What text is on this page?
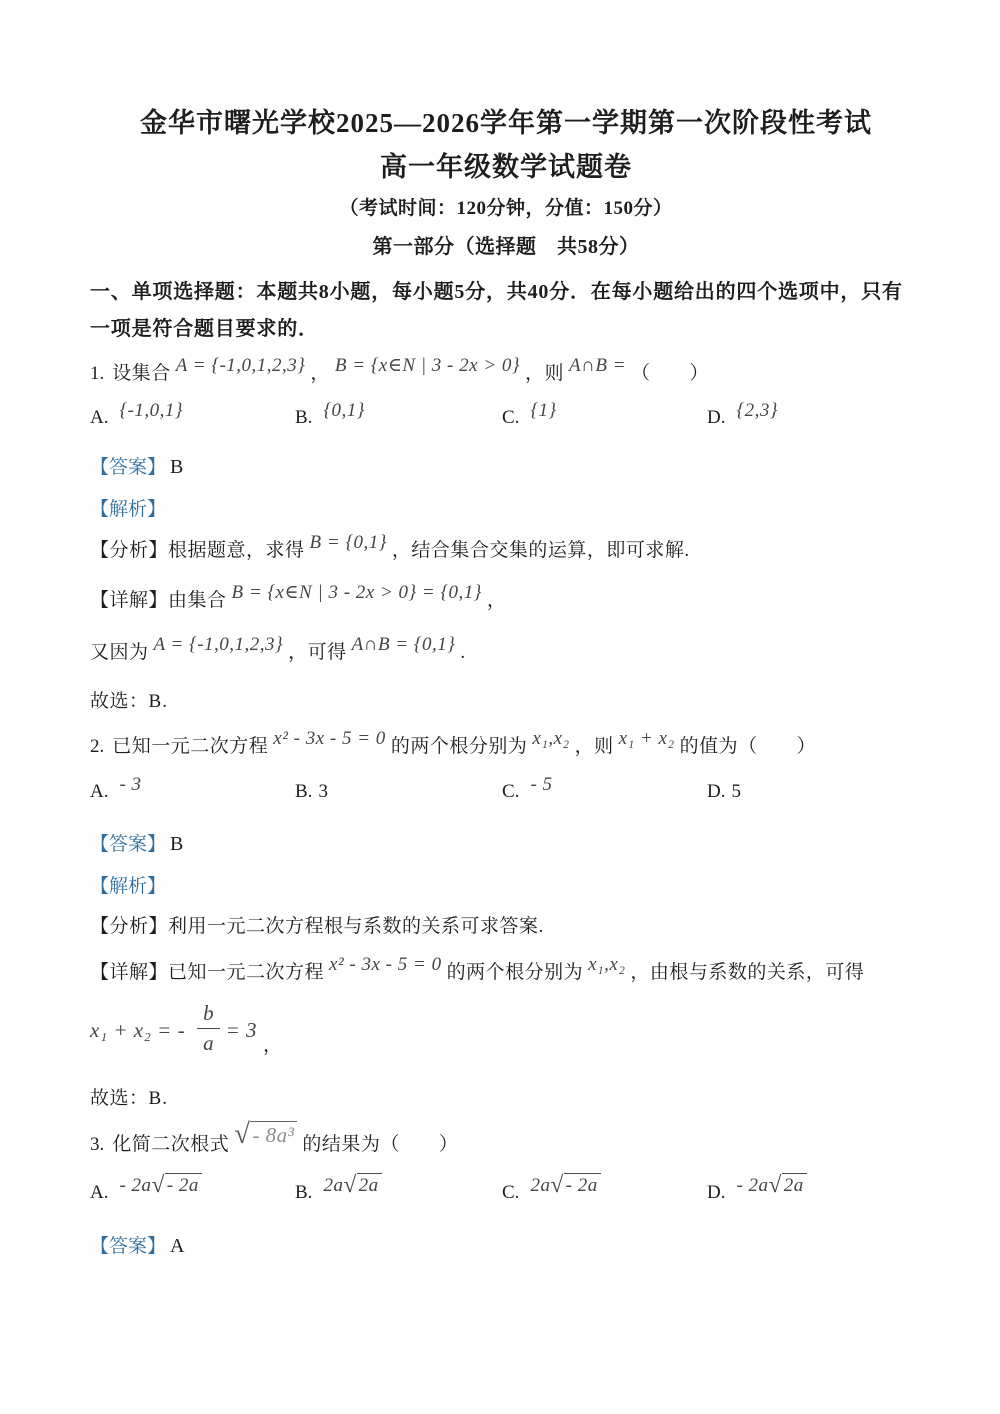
金华市曙光学校2025—2026学年第一学期第一次阶段性考试
高一年级数学试题卷
（考试时间：120分钟，分值：150分）
第一部分（选择题　共58分）
一、单项选择题：本题共8小题，每小题5分，共40分．在每小题给出的四个选项中，只有
一项是符合题目要求的．
1. 设集合 A = {-1,0,1,2,3} ， B = {x∈N | 3 - 2x > 0} ，则 A∩B = （　　）
A. {-1,0,1}	B. {0,1}	C. {1}	D. {2,3}
【答案】 B
【解析】
【分析】根据题意，求得 B = {0,1} ，结合集合交集的运算，即可求解.
【详解】由集合 B = {x∈N | 3 - 2x > 0} = {0,1} ，
又因为 A = {-1,0,1,2,3} ，可得 A∩B = {0,1} .
故选：B.
2. 已知一元二次方程 x² - 3x - 5 = 0 的两个根分别为 x₁,x₂ ，则 x₁ + x₂ 的值为（　　）
A. - 3	B. 3	C. - 5	D. 5
【答案】 B
【解析】
【分析】利用一元二次方程根与系数的关系可求答案.
【详解】已知一元二次方程 x² - 3x - 5 = 0 的两个根分别为 x₁,x₂ ，由根与系数的关系，可得
x₁ + x₂ = - $\frac{b}{a} = 3$
，
故选：B.
3. 化简二次根式 √- 8a³ 的结果为（　　）
A. - 2a√ - 2a	B. 2a√ 2a	C. 2a√ - 2a	D. - 2a√ 2a
【答案】 A
